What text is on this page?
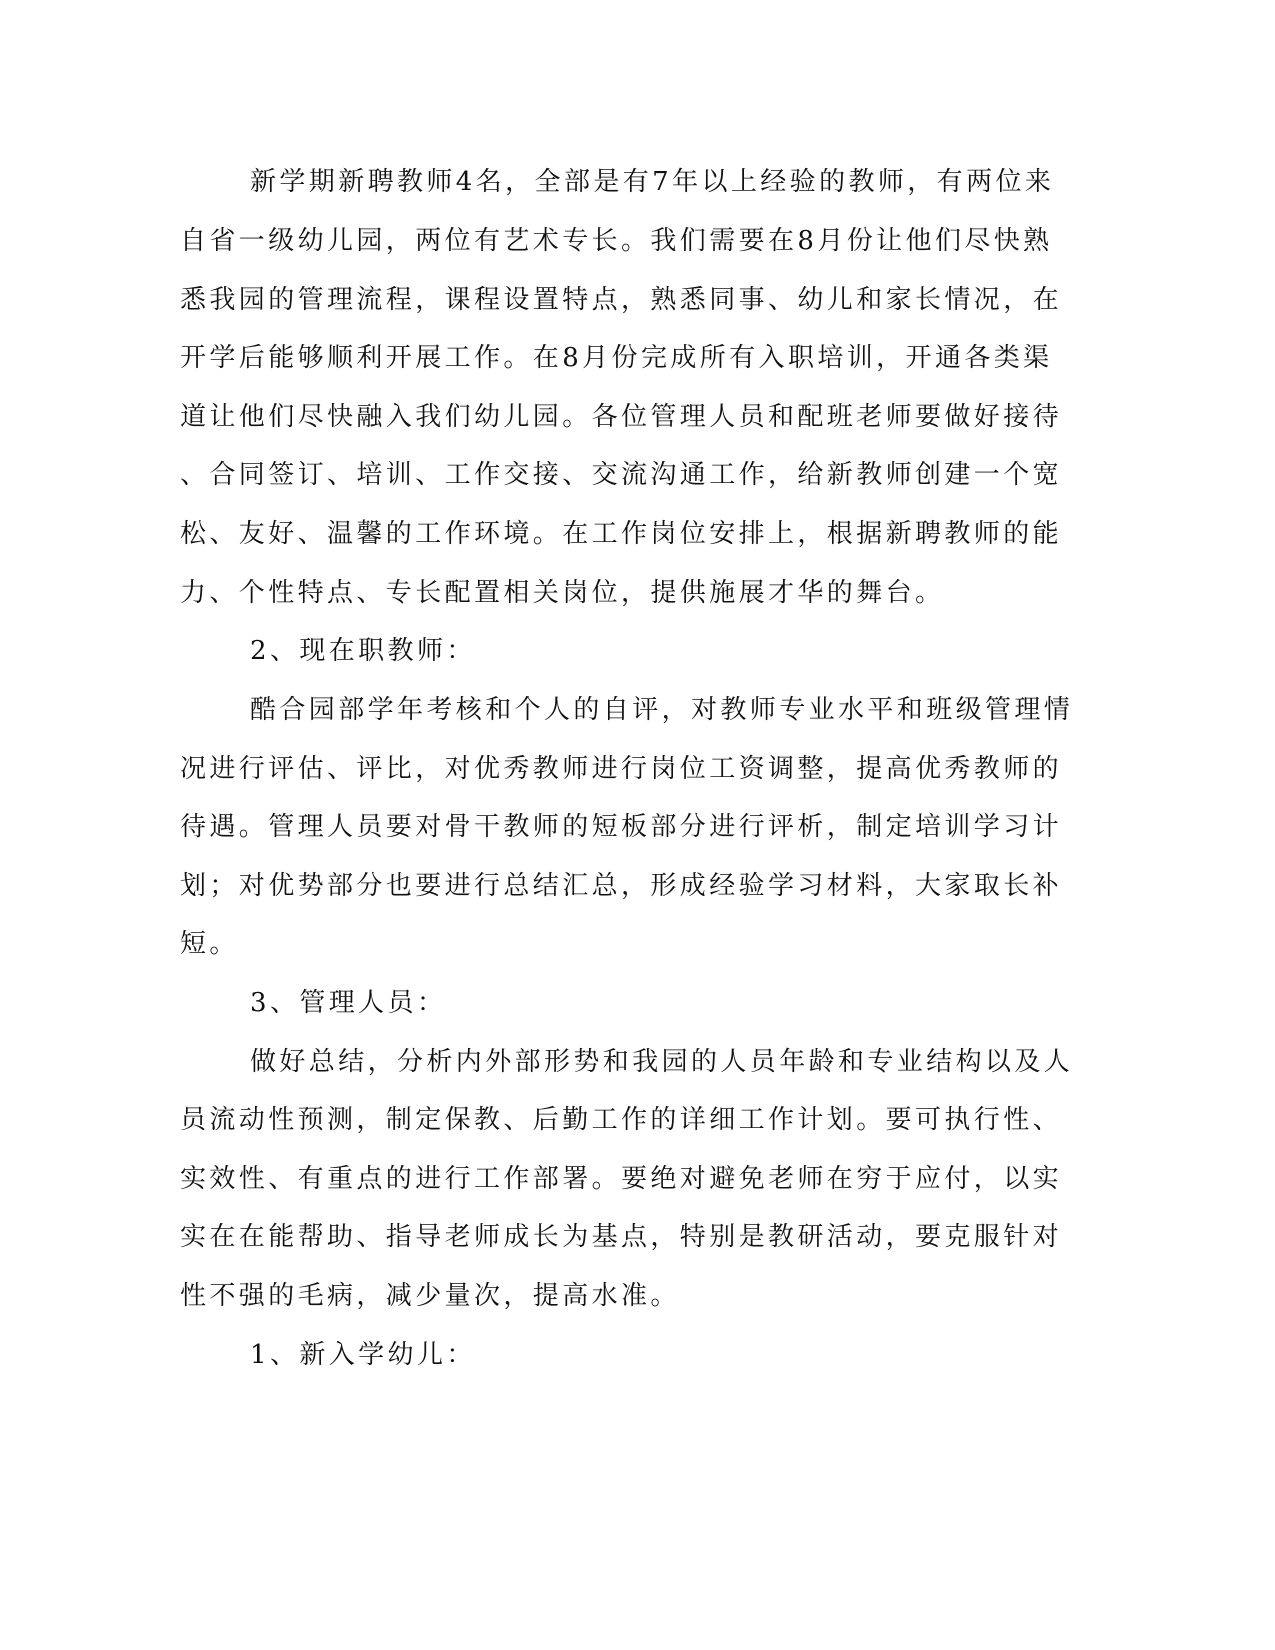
新学期新聘教师4名，全部是有7年以上经验的教师，有两位来
自省一级幼儿园，两位有艺术专长。我们需要在8月份让他们尽快熟
悉我园的管理流程，课程设置特点，熟悉同事、幼儿和家长情况，在
开学后能够顺利开展工作。在8月份完成所有入职培训，开通各类渠
道让他们尽快融入我们幼儿园。各位管理人员和配班老师要做好接待
、合同签订、培训、工作交接、交流沟通工作，给新教师创建一个宽
松、友好、温馨的工作环境。在工作岗位安排上，根据新聘教师的能
力、个性特点、专长配置相关岗位，提供施展才华的舞台。
2、现在职教师：
酷合园部学年考核和个人的自评，对教师专业水平和班级管理情
况进行评估、评比，对优秀教师进行岗位工资调整，提高优秀教师的
待遇。管理人员要对骨干教师的短板部分进行评析，制定培训学习计
划；对优势部分也要进行总结汇总，形成经验学习材料，大家取长补
短。
3、管理人员：
做好总结，分析内外部形势和我园的人员年龄和专业结构以及人
员流动性预测，制定保教、后勤工作的详细工作计划。要可执行性、
实效性、有重点的进行工作部署。要绝对避免老师在穷于应付，以实
实在在能帮助、指导老师成长为基点，特别是教研活动，要克服针对
性不强的毛病，减少量次，提高水准。
1、新入学幼儿：
